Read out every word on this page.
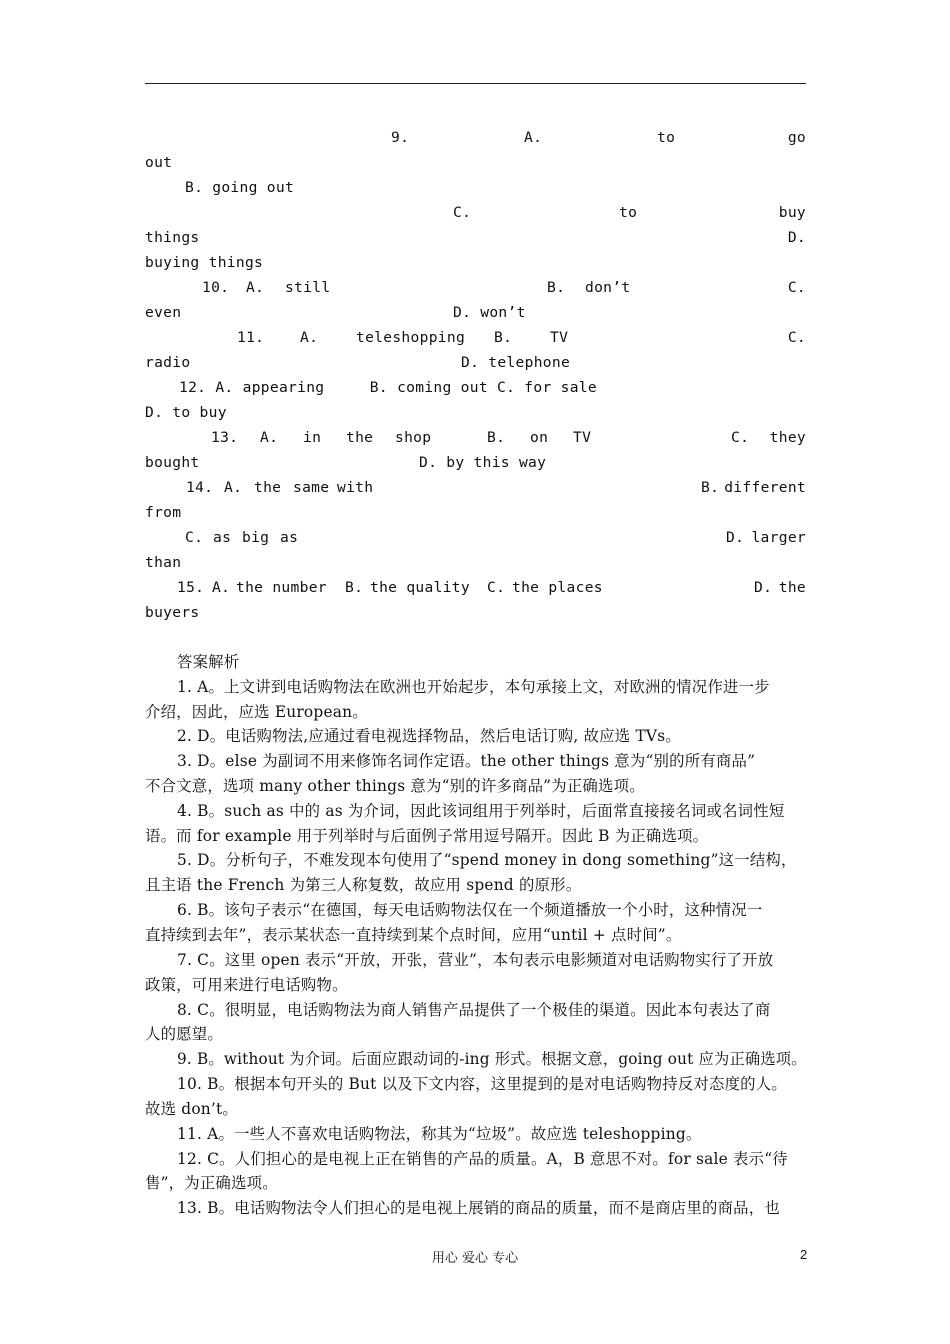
9.	A.	to	go
out
B. going out
C.	to	buy
things	D.
buying things
10. A. still	B. don’t	C.
even	D. won’t
11. A.	teleshopping B.	TV	C.
radio	D. telephone
12. A. appearing     B. coming out C. for sale
D. to buy
13. A. in the shop	B. on TV	C. they
bought	D. by this way
14. A. the same with	B. different
from
C. as big as	D. larger
than
15. A. the number B. the quality C. the places	D. the
buyers
答案解析
1. A。上文讲到电话购物法在欧洲也开始起步，本句承接上文，对欧洲的情况作进一步
介绍，因此，应选 European。
2. D。电话购物法,应通过看电视选择物品，然后电话订购, 故应选 TVs。
3. D。else 为副词不用来修饰名词作定语。the other things 意为“别的所有商品”
不合文意，选项 many other things 意为“别的许多商品”为正确选项。
4. B。such as 中的 as 为介词，因此该词组用于列举时，后面常直接接名词或名词性短
语。而 for example 用于列举时与后面例子常用逗号隔开。因此 B 为正确选项。
5. D。分析句子，不难发现本句使用了“spend money in dong something”这一结构，
且主语 the French 为第三人称复数，故应用 spend 的原形。
6. B。该句子表示“在德国，每天电话购物法仅在一个频道播放一个小时，这种情况一
直持续到去年”，表示某状态一直持续到某个点时间，应用“until + 点时间”。
7. C。这里 open 表示“开放，开张，营业”，本句表示电影频道对电话购物实行了开放
政策，可用来进行电话购物。
8. C。很明显，电话购物法为商人销售产品提供了一个极佳的渠道。因此本句表达了商
人的愿望。
9. B。without 为介词。后面应跟动词的-ing 形式。根据文意，going out 应为正确选项。
10. B。根据本句开头的 But 以及下文内容，这里提到的是对电话购物持反对态度的人。
故选 don’t。
11. A。一些人不喜欢电话购物法，称其为“垃圾”。故应选 teleshopping。
12. C。人们担心的是电视上正在销售的产品的质量。A，B 意思不对。for sale 表示“待
售”，为正确选项。
13. B。电话购物法令人们担心的是电视上展销的商品的质量，而不是商店里的商品，也
用心 爱心 专心	2
